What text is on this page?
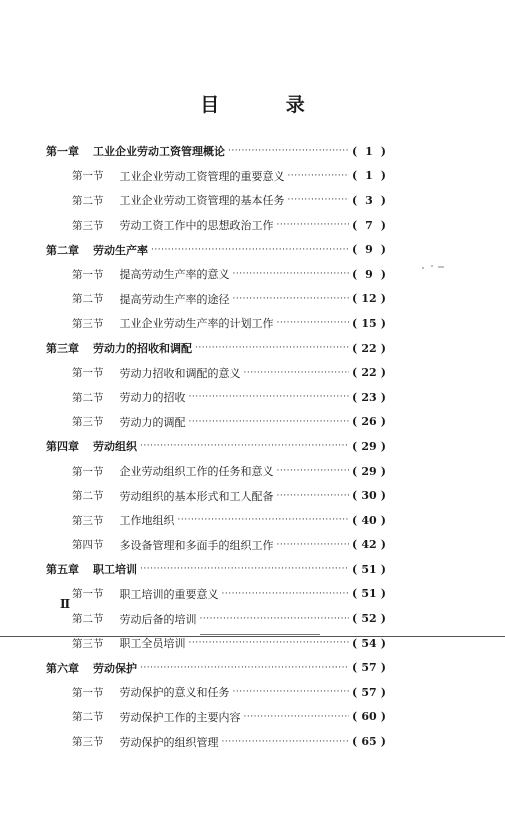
目 录
第一章 工业企业劳动工资管理概论 ·····	( 1 )
第一节 工业企业劳动工资管理的重要意义 ·····	( 1 )
第二节 工业企业劳动工资管理的基本任务 ·····	( 3 )
第三节 劳动工资工作中的思想政治工作 ·····	( 7 )
第二章 劳动生产率 ·····	( 9 )
第一节 提高劳动生产率的意义 ·····	( 9 )
第二节 提高劳动生产率的途径 ·····	( 12 )
第三节 工业企业劳动生产率的计划工作 ·····	( 15 )
第三章 劳动力的招收和调配 ·····	( 22 )
第一节 劳动力招收和调配的意义 ·····	( 22 )
第二节 劳动力的招收 ·····	( 23 )
第三节 劳动力的调配 ·····	( 26 )
第四章 劳动组织 ·····	( 29 )
第一节 企业劳动组织工作的任务和意义 ·····	( 29 )
第二节 劳动组织的基本形式和工人配备 ·····	( 30 )
第三节 工作地组织 ·····	( 40 )
第四节 多设备管理和多面手的组织工作 ·····	( 42 )
第五章 职工培训 ·····	( 51 )
第一节 职工培训的重要意义 ·····	( 51 )
第二节 劳动后备的培训 ·····	( 52 )
第三节 职工全员培训 ·····	( 54 )
第六章 劳动保护 ·····	( 57 )
第一节 劳动保护的意义和任务 ·····	( 57 )
第二节 劳动保护工作的主要内容 ·····	( 60 )
第三节 劳动保护的组织管理 ·····	( 65 )
Ⅱ
